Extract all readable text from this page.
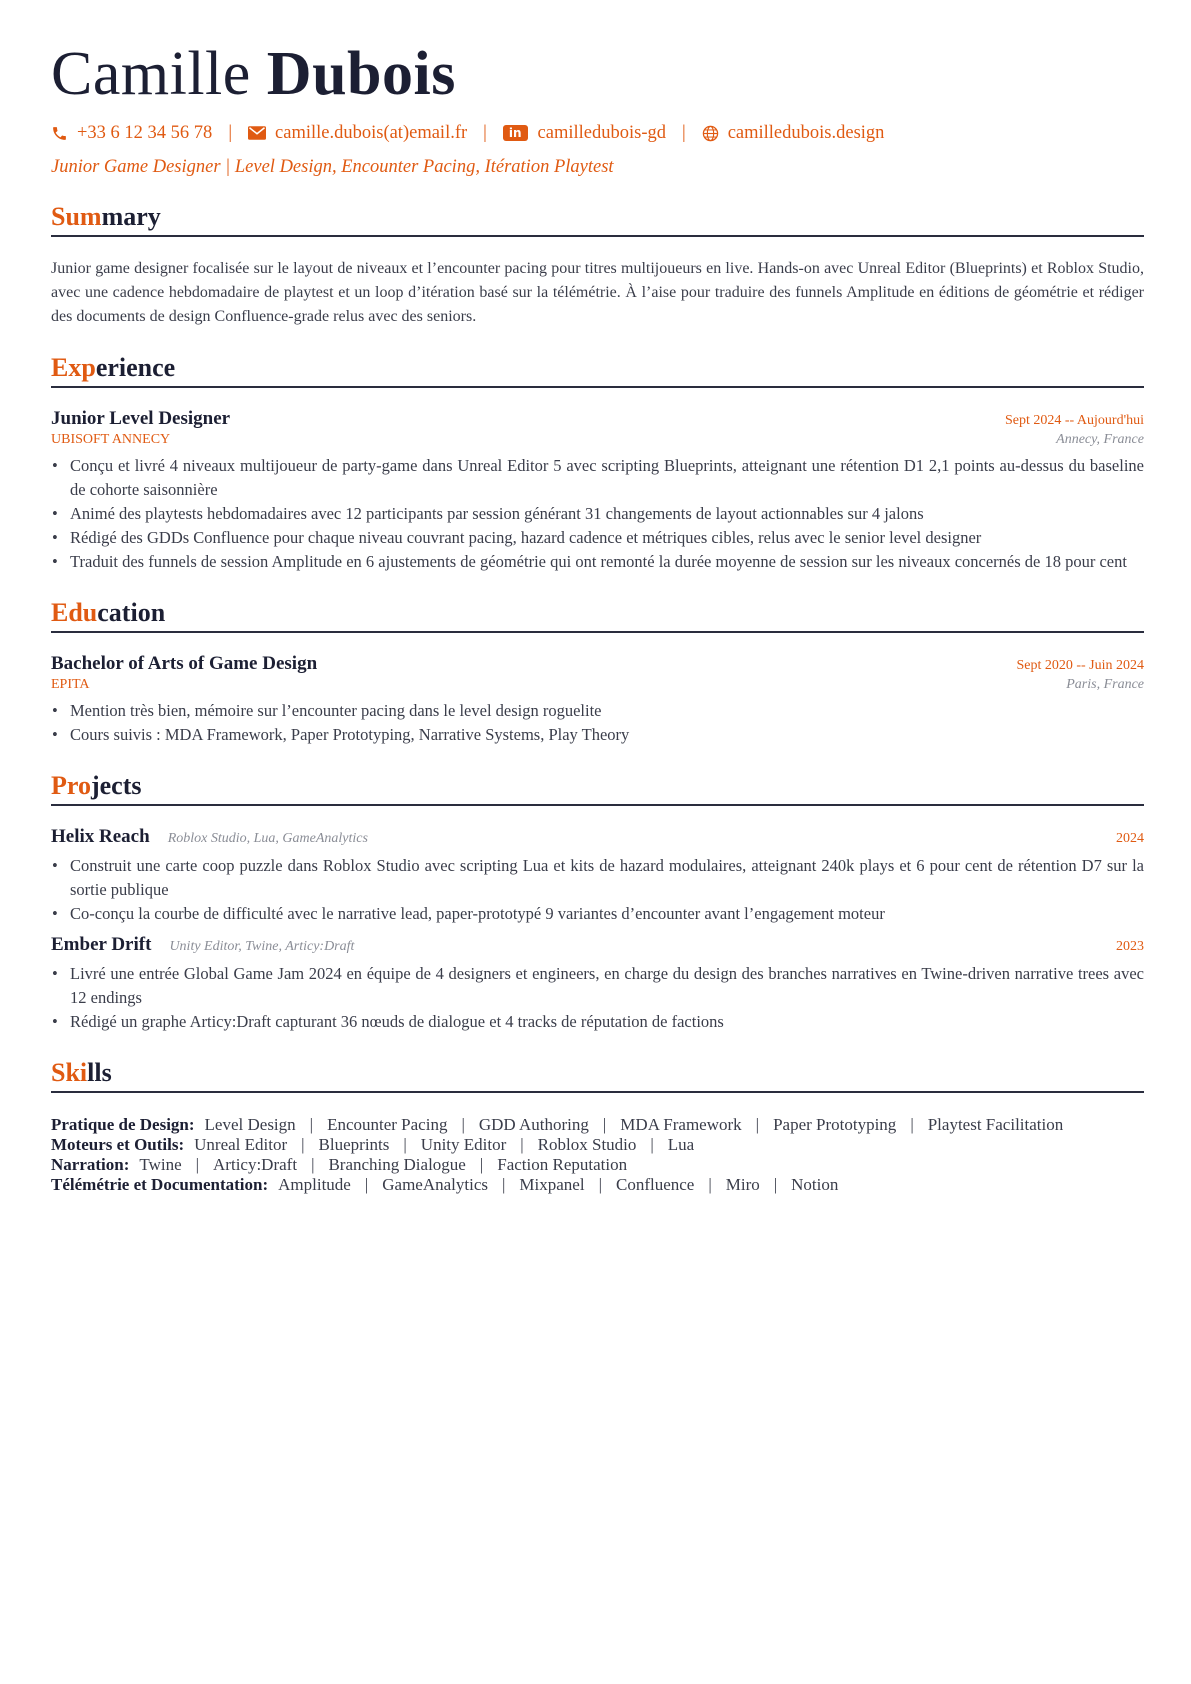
Camille Dubois
+33 6 12 34 56 78 | camille.dubois(at)email.fr |	in camilledubois-gd | camilledubois.design
Junior Game Designer | Level Design, Encounter Pacing, Itération Playtest
Summary
Junior game designer focalisée sur le layout de niveaux et l’encounter pacing pour titres multijoueurs en live. Hands-on avec Unreal Editor (Blueprints) et Roblox Studio, avec une cadence hebdomadaire de playtest et un loop d’itération basé sur la télémétrie. À l’aise pour traduire des funnels Amplitude en éditions de géométrie et rédiger des documents de design Confluence-grade relus avec des seniors.
Experience
Junior Level Designer	Sept 2024 -- Aujourd'hui
UBISOFT ANNECY	Annecy, France
• Conçu et livré 4 niveaux multijoueur de party-game dans Unreal Editor 5 avec scripting Blueprints, atteignant une rétention D1 2,1 points au-dessus du baseline de cohorte saisonnière
• Animé des playtests hebdomadaires avec 12 participants par session générant 31 changements de layout actionnables sur 4 jalons
• Rédigé des GDDs Confluence pour chaque niveau couvrant pacing, hazard cadence et métriques cibles, relus avec le senior level designer
• Traduit des funnels de session Amplitude en 6 ajustements de géométrie qui ont remonté la durée moyenne de session sur les niveaux concernés de 18 pour cent
Education
Bachelor of Arts of Game Design	Sept 2020 -- Juin 2024
EPITA	Paris, France
• Mention très bien, mémoire sur l’encounter pacing dans le level design roguelite
• Cours suivis : MDA Framework, Paper Prototyping, Narrative Systems, Play Theory
Projects
Helix Reach Roblox Studio, Lua, GameAnalytics	2024
• Construit une carte coop puzzle dans Roblox Studio avec scripting Lua et kits de hazard modulaires, atteignant 240k plays et 6 pour cent de rétention D7 sur la sortie publique
• Co-conçu la courbe de difficulté avec le narrative lead, paper-prototypé 9 variantes d’encounter avant l’engagement moteur
Ember Drift Unity Editor, Twine, Articy:Draft	2023
• Livré une entrée Global Game Jam 2024 en équipe de 4 designers et engineers, en charge du design des branches narratives en Twine-driven narrative trees avec 12 endings
• Rédigé un graphe Articy:Draft capturant 36 nœuds de dialogue et 4 tracks de réputation de factions
Skills
Pratique de Design: Level Design | Encounter Pacing | GDD Authoring | MDA Framework | Paper Prototyping | Playtest Facilitation
Moteurs et Outils: Unreal Editor | Blueprints | Unity Editor | Roblox Studio | Lua
Narration: Twine | Articy:Draft | Branching Dialogue | Faction Reputation
Télémétrie et Documentation: Amplitude | GameAnalytics | Mixpanel | Confluence | Miro | Notion
